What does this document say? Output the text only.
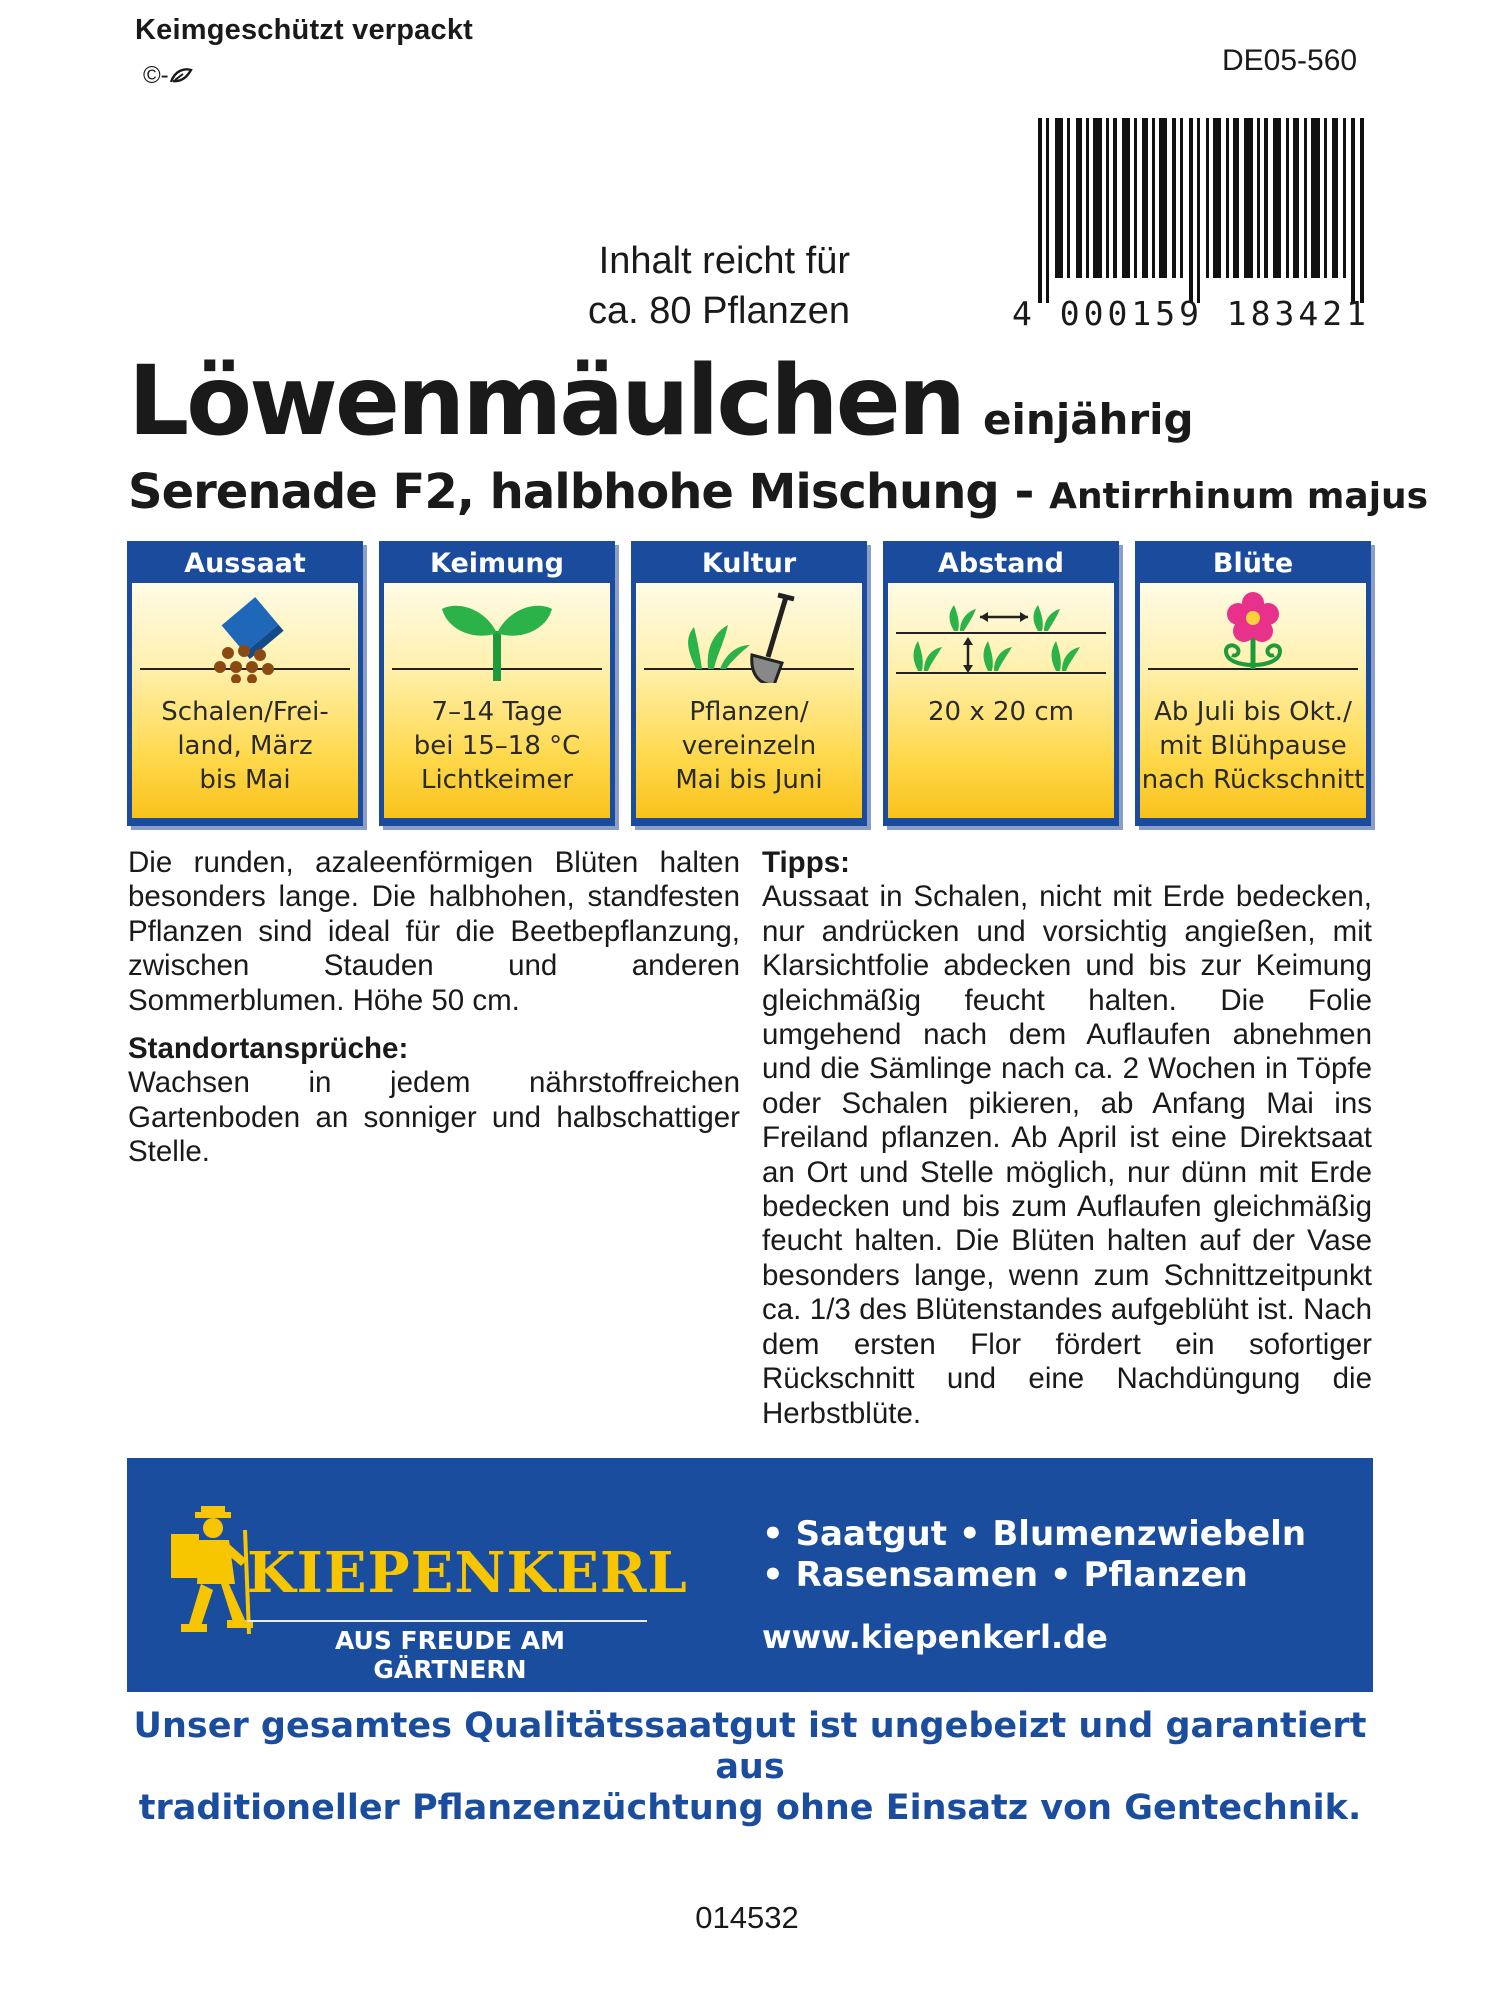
Keimgeschützt verpackt
©-	DE05-560
4 000159 183421
Inhalt reicht für
ca. 80 Pflanzen
Löwenmäulchen einjährig
Serenade F2, halbhohe Mischung - Antirrhinum majus
Aussaat
Schalen/Frei-
land, März
bis Mai
Keimung
7–14 Tage
bei 15–18 °C
Lichtkeimer
Kultur
Pflanzen/
vereinzeln
Mai bis Juni
Abstand
20 x 20 cm
Blüte
Ab Juli bis Okt./
mit Blühpause
nach Rückschnitt

Die runden, azaleenförmigen Blüten halten besonders lange. Die halbhohen, standfesten Pflanzen sind ideal für die Beetbepflanzung, zwischen Stauden und anderen Sommerblumen. Höhe 50 cm.

Standortansprüche:

Wachsen in jedem nährstoffreichen Gartenboden an sonniger und halbschattiger Stelle.

Tipps:

Aussaat in Schalen, nicht mit Erde bedecken, nur andrücken und vorsichtig angießen, mit Klarsichtfolie abdecken und bis zur Keimung gleichmäßig feucht halten. Die Folie umgehend nach dem Auflaufen abnehmen und die Sämlinge nach ca. 2 Wochen in Töpfe oder Schalen pikieren, ab Anfang Mai ins Freiland pflanzen. Ab April ist eine Direktsaat an Ort und Stelle möglich, nur dünn mit Erde bedecken und bis zum Auflaufen gleichmäßig feucht halten. Die Blüten halten auf der Vase besonders lange, wenn zum Schnittzeitpunkt ca. 1/3 des Blütenstandes aufgeblüht ist. Nach dem ersten Flor fördert ein sofortiger Rückschnitt und eine Nachdüngung die Herbstblüte.

KIEPENKERL
AUS FREUDE AM GÄRTNERN
• Saatgut • Blumenzwiebeln
• Rasensamen • Pflanzen
www.kiepenkerl.de
Unser gesamtes Qualitätssaatgut ist ungebeizt und garantiert aus
traditioneller Pflanzenzüchtung ohne Einsatz von Gentechnik.
014532
